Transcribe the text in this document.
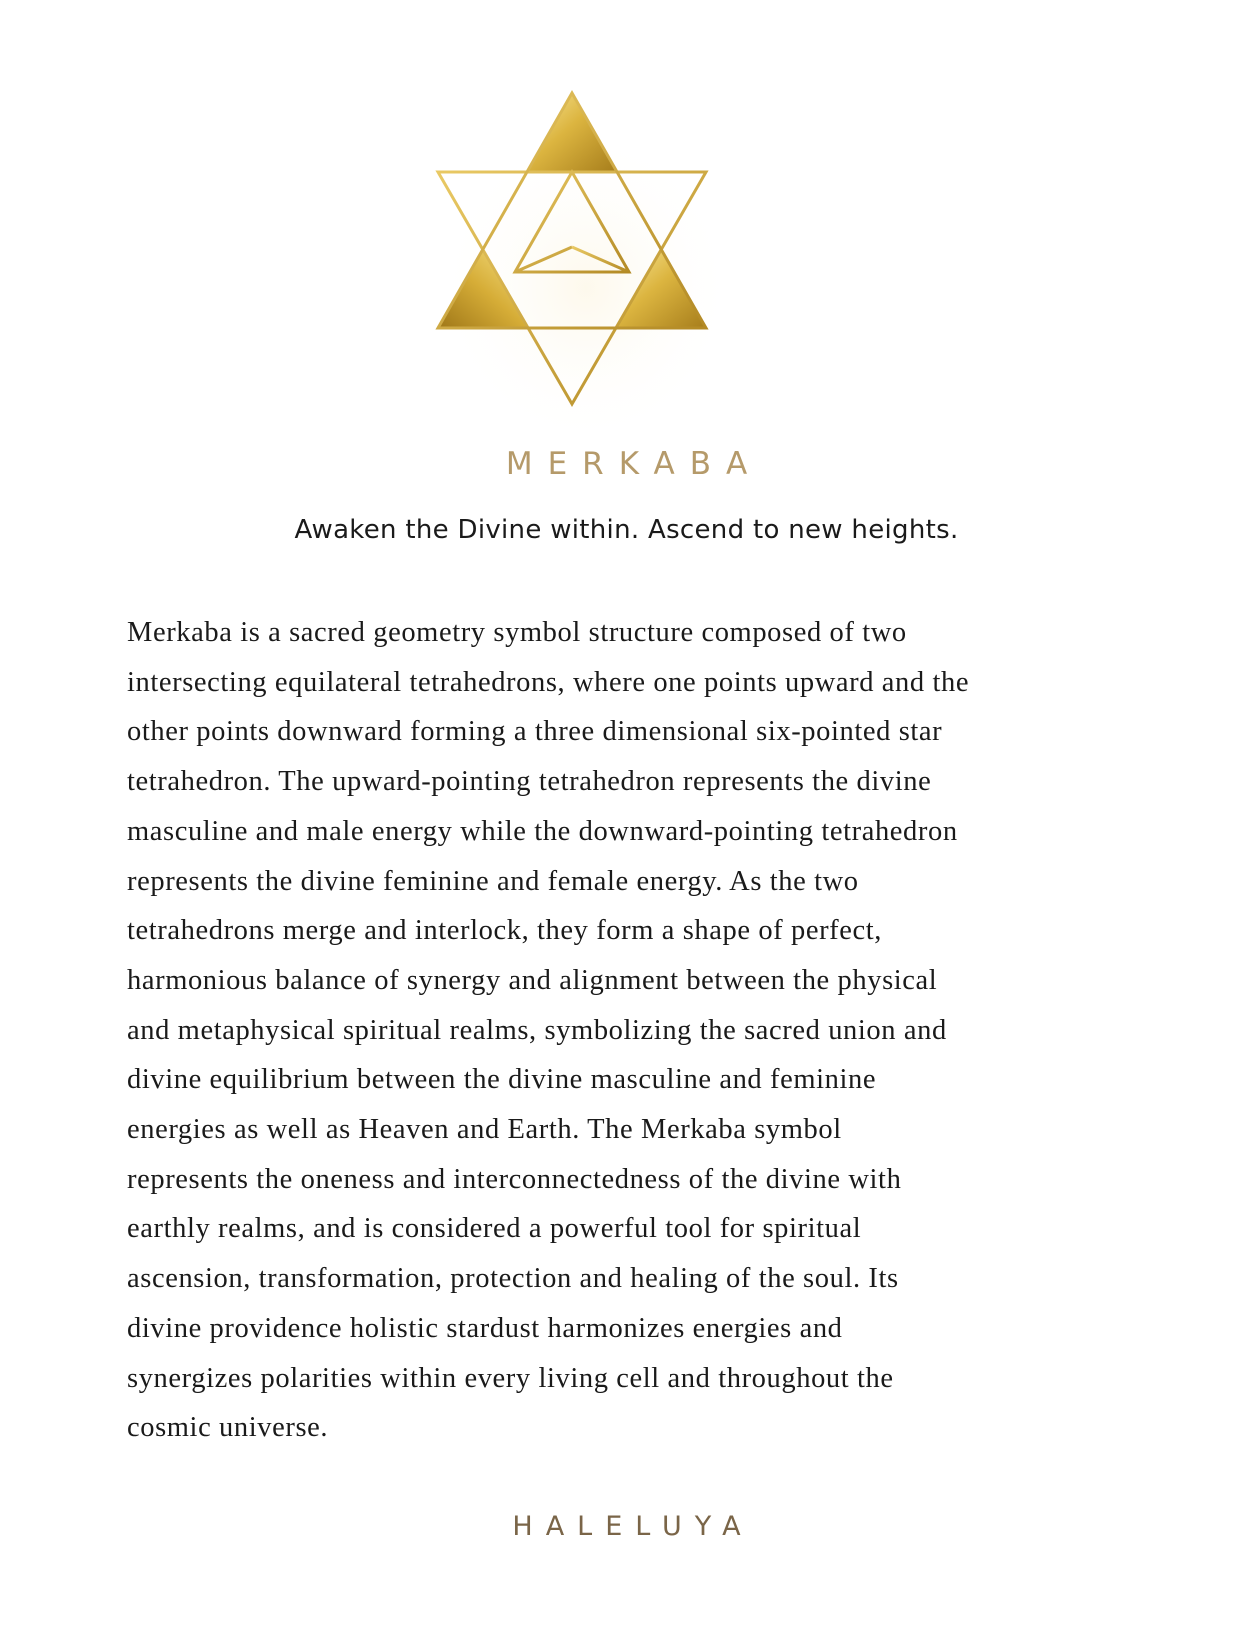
MERKABA
Awaken the Divine within. Ascend to new heights.
Merkaba is a sacred geometry symbol structure composed of two
intersecting equilateral tetrahedrons, where one points upward and the
other points downward forming a three dimensional six-pointed star
tetrahedron. The upward-pointing tetrahedron represents the divine
masculine and male energy while the downward-pointing tetrahedron
represents the divine feminine and female energy. As the two
tetrahedrons merge and interlock, they form a shape of perfect,
harmonious balance of synergy and alignment between the physical
and metaphysical spiritual realms, symbolizing the sacred union and
divine equilibrium between the divine masculine and feminine
energies as well as Heaven and Earth. The Merkaba symbol
represents the oneness and interconnectedness of the divine with
earthly realms, and is considered a powerful tool for spiritual
ascension, transformation, protection and healing of the soul. Its
divine providence holistic stardust harmonizes energies and
synergizes polarities within every living cell and throughout the
cosmic universe.
HALELUYA
